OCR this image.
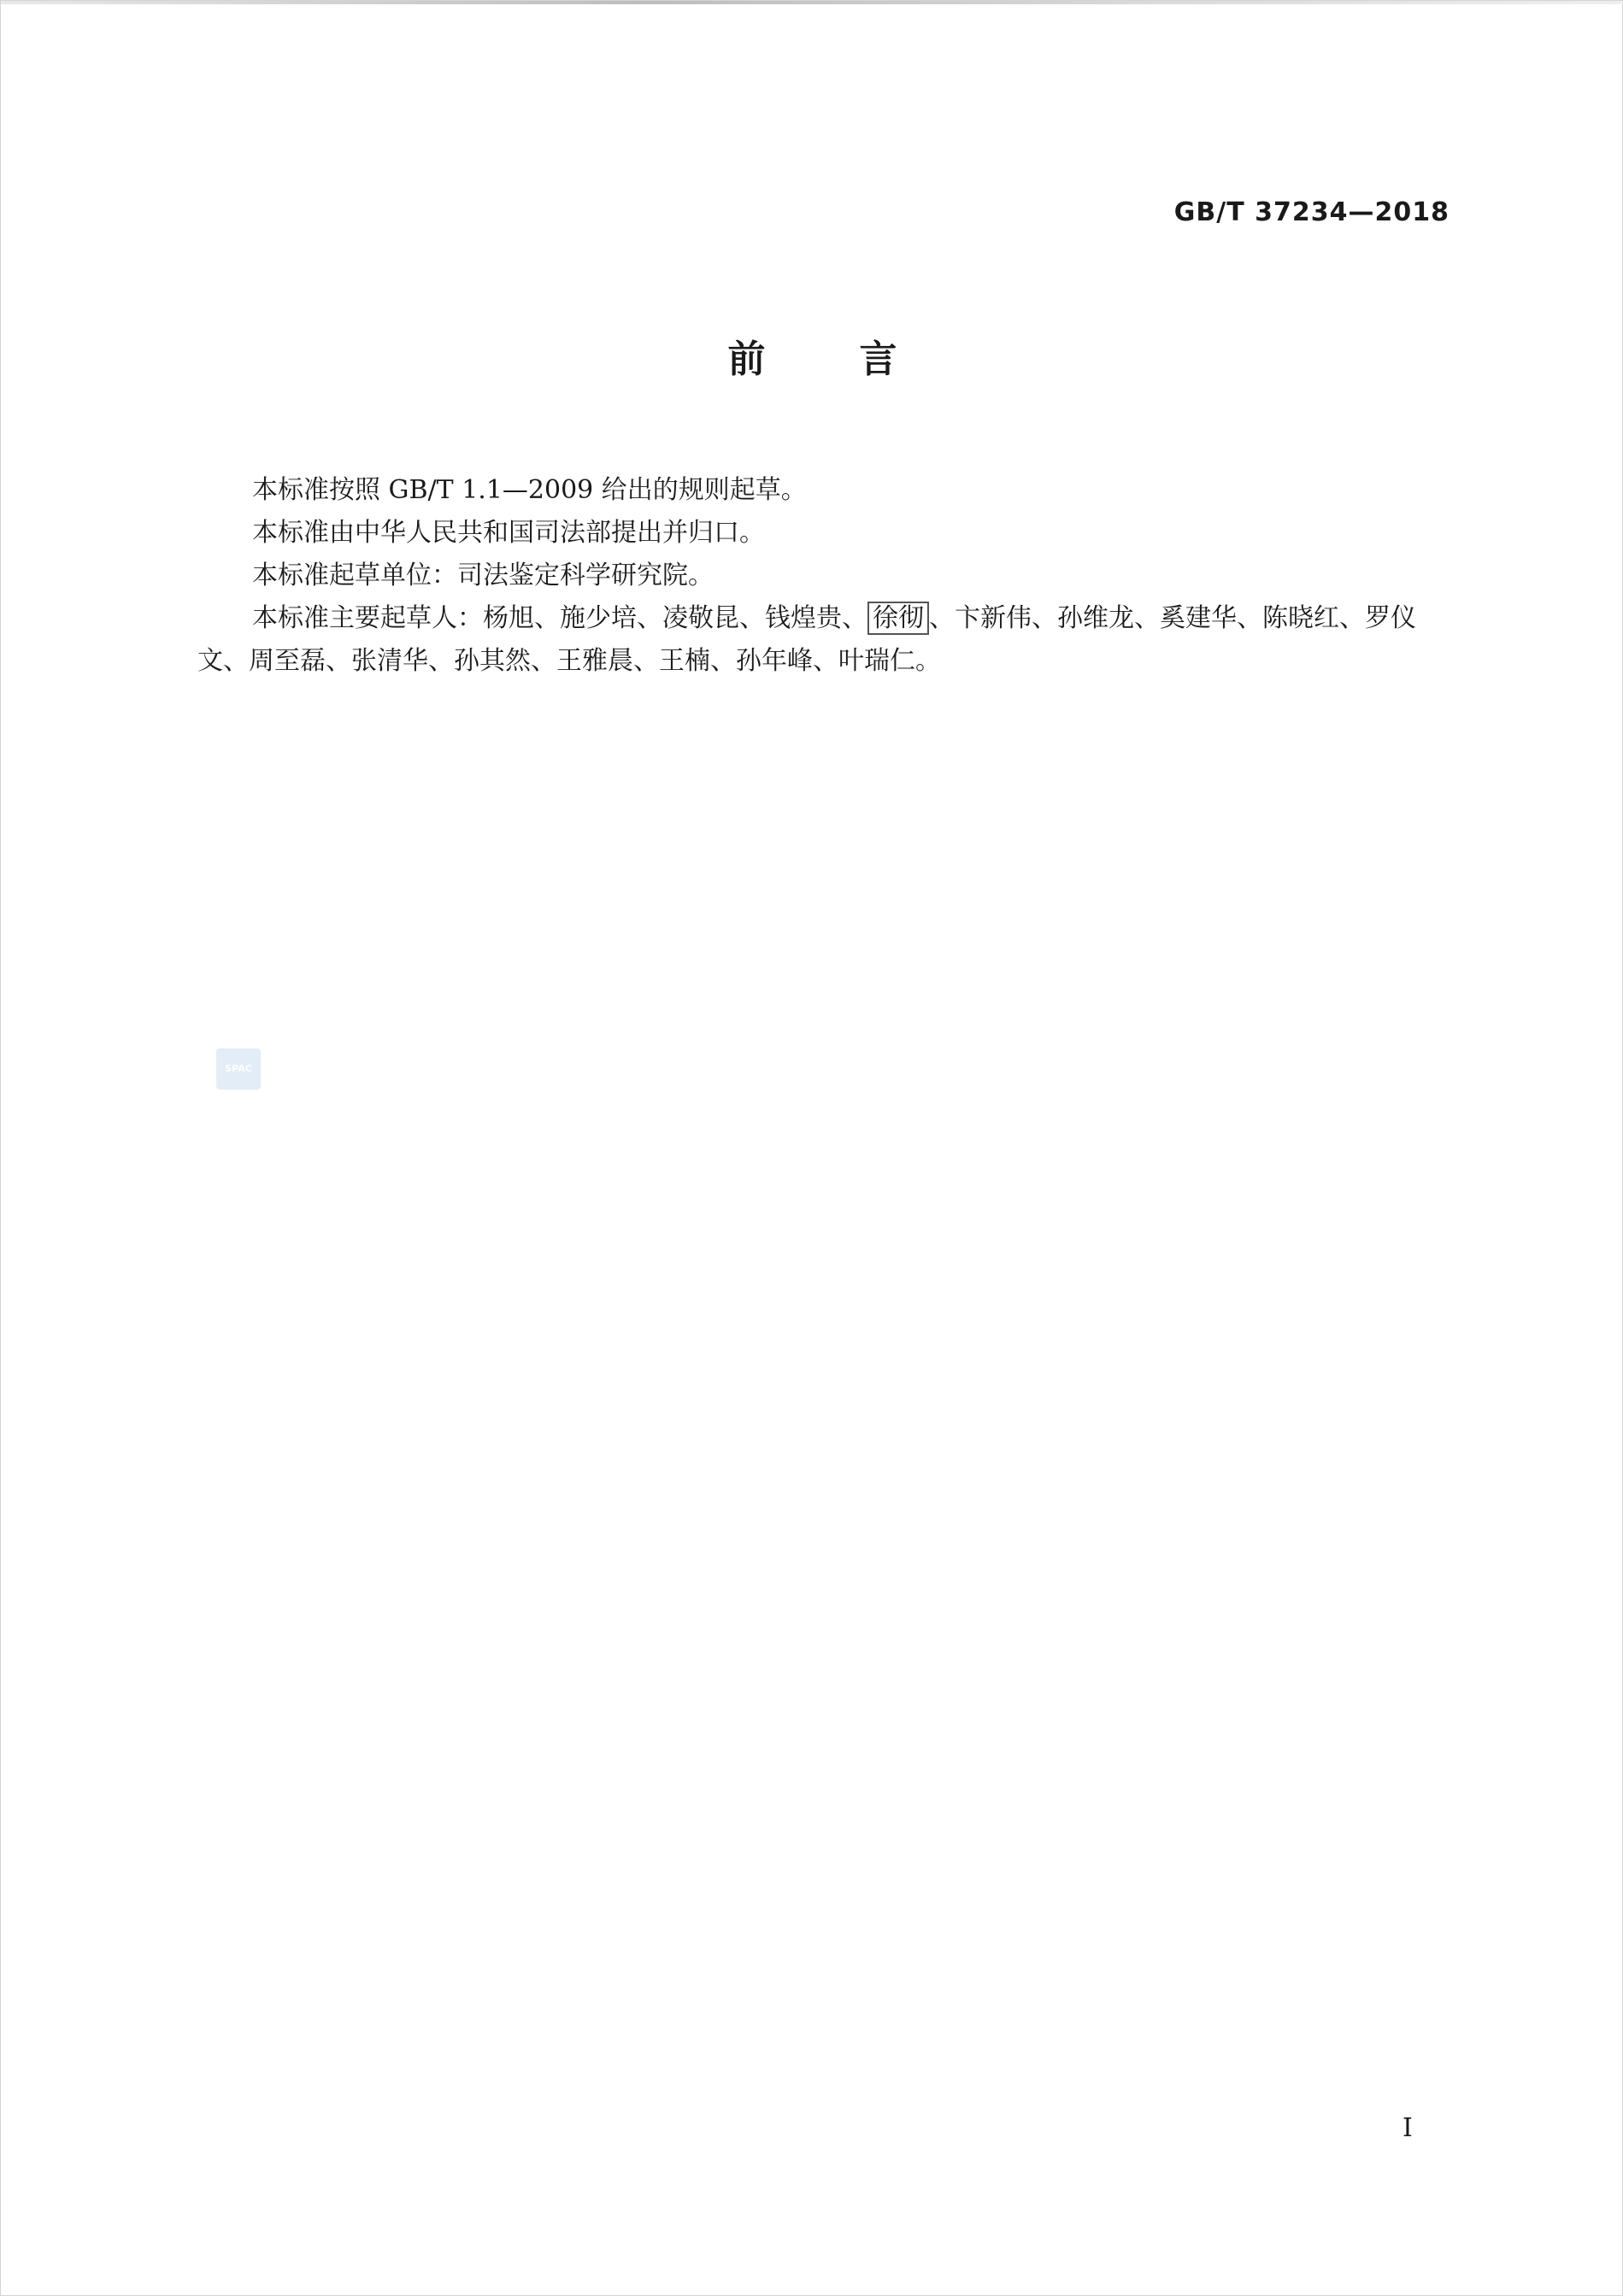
GB/T 37234—2018
前	言

本标准按照 GB/T 1.1—2009 给出的规则起草。

本标准由中华人民共和国司法部提出并归口。

本标准起草单位：司法鉴定科学研究院。

本标准主要起草人：杨旭、施少培、凌敬昆、钱煌贵、 徐彻 、卞新伟、孙维龙、奚建华、陈晓红、罗仪文、周至磊、张清华、孙其然、王雅晨、王楠、孙年峰、叶瑞仁。

SPAC
I
